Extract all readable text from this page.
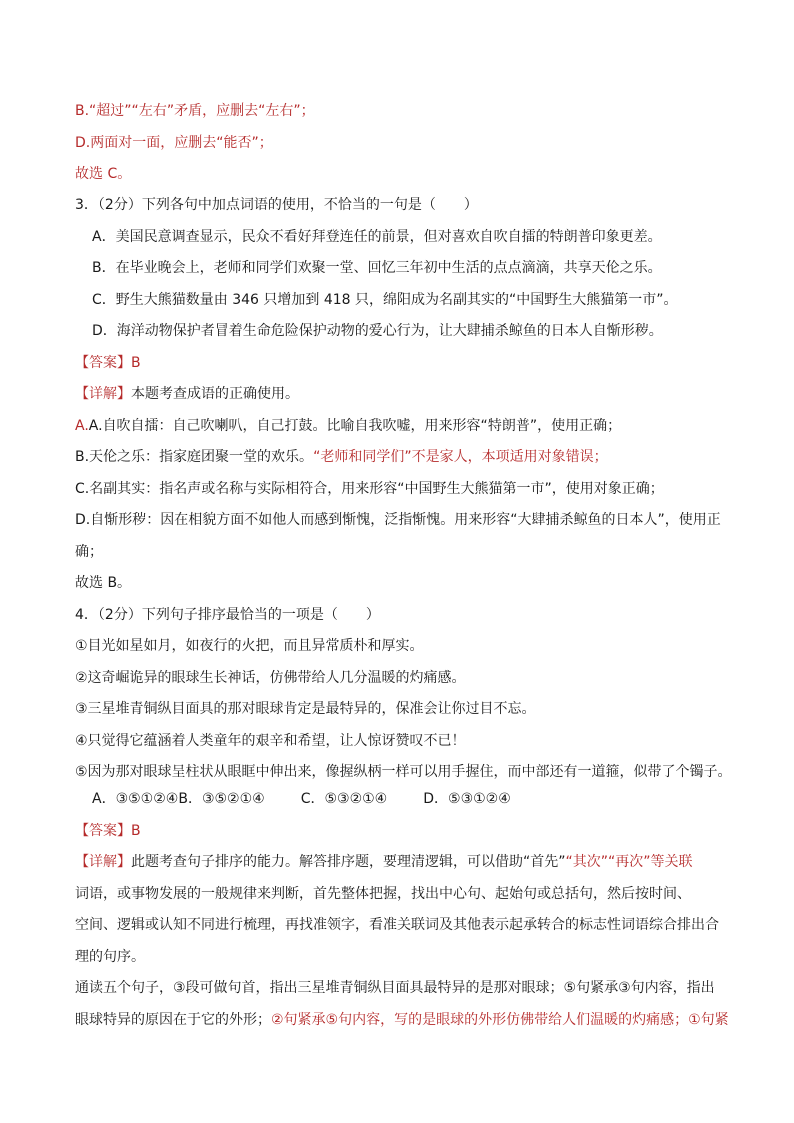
B.“超过”“左右”矛盾，应删去“左右”；
D.两面对一面，应删去“能否”；
故选 C。
3．（2分）下列各句中加点词语的使用，不恰当的一句是（　　）
A．美国民意调查显示，民众不看好拜登连任的前景，但对喜欢自吹自擂的特朗普印象更差。
B．在毕业晚会上，老师和同学们欢聚一堂、回忆三年初中生活的点点滴滴，共享天伦之乐。
C．野生大熊猫数量由 346 只增加到 418 只，绵阳成为名副其实的“中国野生大熊猫第一市”。
D．海洋动物保护者冒着生命危险保护动物的爱心行为，让大肆捕杀鲸鱼的日本人自惭形秽。
【答案】B
【详解】本题考查成语的正确使用。
A.A.自吹自擂：自己吹喇叭，自己打鼓。比喻自我吹嘘，用来形容“特朗普”，使用正确；
B.天伦之乐：指家庭团聚一堂的欢乐。“老师和同学们”不是家人，本项适用对象错误；
C.名副其实：指名声或名称与实际相符合，用来形容“中国野生大熊猫第一市”，使用对象正确；
D.自惭形秽：因在相貌方面不如他人而感到惭愧，泛指惭愧。用来形容“大肆捕杀鲸鱼的日本人”，使用正
确；
故选 B。
4．（2分）下列句子排序最恰当的一项是（　　）
①目光如星如月，如夜行的火把，而且异常质朴和厚实。
②这奇崛诡异的眼球生长神话，仿佛带给人几分温暖的灼痛感。
③三星堆青铜纵目面具的那对眼球肯定是最特异的，保准会让你过目不忘。
④只觉得它蕴涵着人类童年的艰辛和希望，让人惊讶赞叹不已！
⑤因为那对眼球呈柱状从眼眶中伸出来，像握纵柄一样可以用手握住，而中部还有一道箍，似带了个镯子。
A．③⑤①②④B．③⑤②①④	C．⑤③②①④	D．⑤③①②④
【答案】B
【详解】此题考查句子排序的能力。解答排序题，要理清逻辑，可以借助“首先”“其次”“再次”等关联
词语，或事物发展的一般规律来判断，首先整体把握，找出中心句、起始句或总括句，然后按时间、
空间、逻辑或认知不同进行梳理，再找准领字，看准关联词及其他表示起承转合的标志性词语综合排出合
理的句序。
通读五个句子，③段可做句首，指出三星堆青铜纵目面具最特异的是那对眼球；⑤句紧承③句内容，指出
眼球特异的原因在于它的外形；②句紧承⑤句内容，写的是眼球的外形仿佛带给人们温暖的灼痛感；①句紧
